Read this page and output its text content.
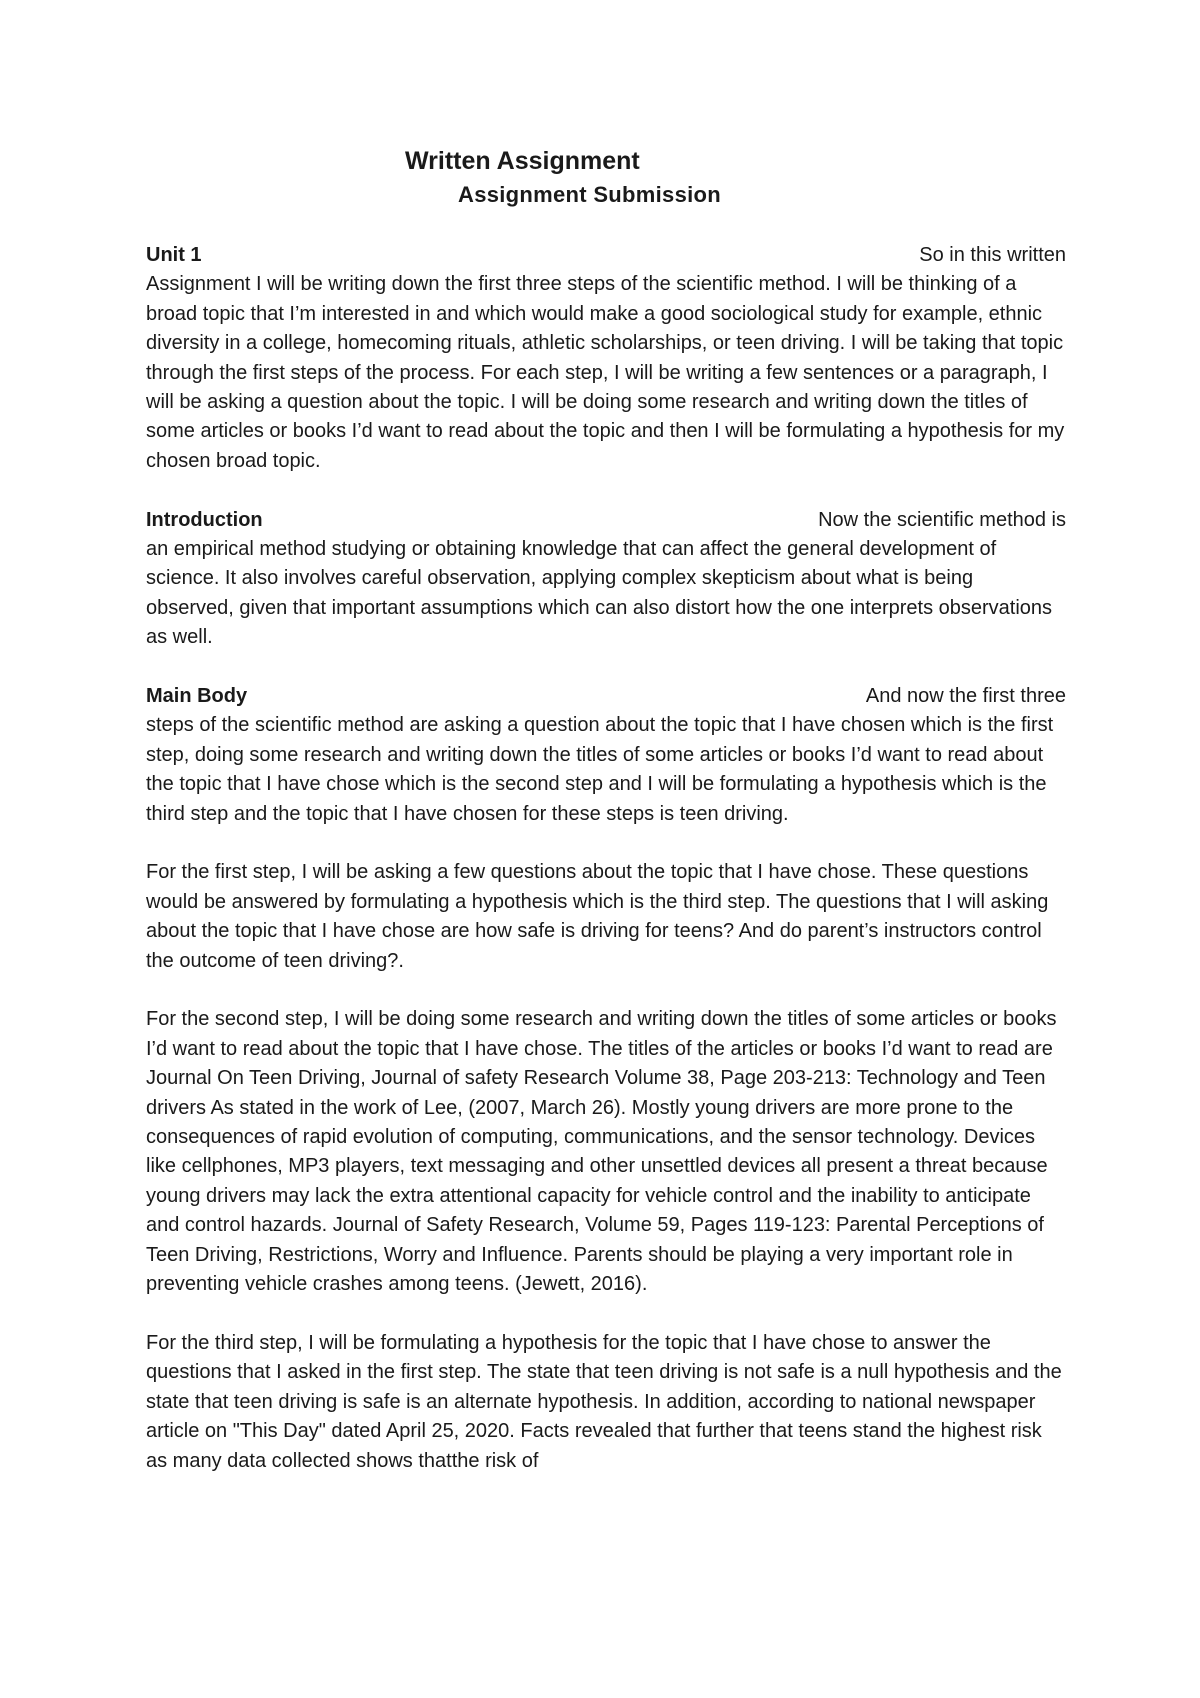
Written Assignment
Assignment Submission
Unit 1	So in this written

Assignment I will be writing down the first three steps of the scientific method. I will be thinking of a broad topic that I’m interested in and which would make a good sociological study for example, ethnic diversity in a college, homecoming rituals, athletic scholarships, or teen driving. I will be taking that topic through the first steps of the process. For each step, I will be writing a few sentences or a paragraph, I will be asking a question about the topic. I will be doing some research and writing down the titles of some articles or books I’d want to read about the topic and then I will be formulating a hypothesis for my chosen broad topic.

Introduction	Now the scientific method is

an empirical method studying or obtaining knowledge that can affect the general development of science. It also involves careful observation, applying complex skepticism about what is being observed, given that important assumptions which can also distort how the one interprets observations as well.

Main Body	And now the first three

steps of the scientific method are asking a question about the topic that I have chosen which is the first step, doing some research and writing down the titles of some articles or books I’d want to read about the topic that I have chose which is the second step and I will be formulating a hypothesis which is the third step and the topic that I have chosen for these steps is teen driving.

For the first step, I will be asking a few questions about the topic that I have chose. These questions would be answered by formulating a hypothesis which is the third step. The questions that I will asking about the topic that I have chose are how safe is driving for teens? And do parent’s instructors control the outcome of teen driving?.

For the second step, I will be doing some research and writing down the titles of some articles or books I’d want to read about the topic that I have chose. The titles of the articles or books I’d want to read are Journal On Teen Driving, Journal of safety Research Volume 38, Page 203-213: Technology and Teen drivers As stated in the work of Lee, (2007, March 26). Mostly young drivers are more prone to the consequences of rapid evolution of computing, communications, and the sensor technology. Devices like cellphones, MP3 players, text messaging and other unsettled devices all present a threat because young drivers may lack the extra attentional capacity for vehicle control and the inability to anticipate and control hazards. Journal of Safety Research, Volume 59, Pages 119-123: Parental Perceptions of Teen Driving, Restrictions, Worry and Influence. Parents should be playing a very important role in preventing vehicle crashes among teens. (Jewett, 2016).

For the third step, I will be formulating a hypothesis for the topic that I have chose to answer the questions that I asked in the first step. The state that teen driving is not safe is a null hypothesis and the state that teen driving is safe is an alternate hypothesis. In addition, according to national newspaper article on "This Day" dated April 25, 2020. Facts revealed that further that teens stand the highest risk as many data collected shows thatthe risk of
